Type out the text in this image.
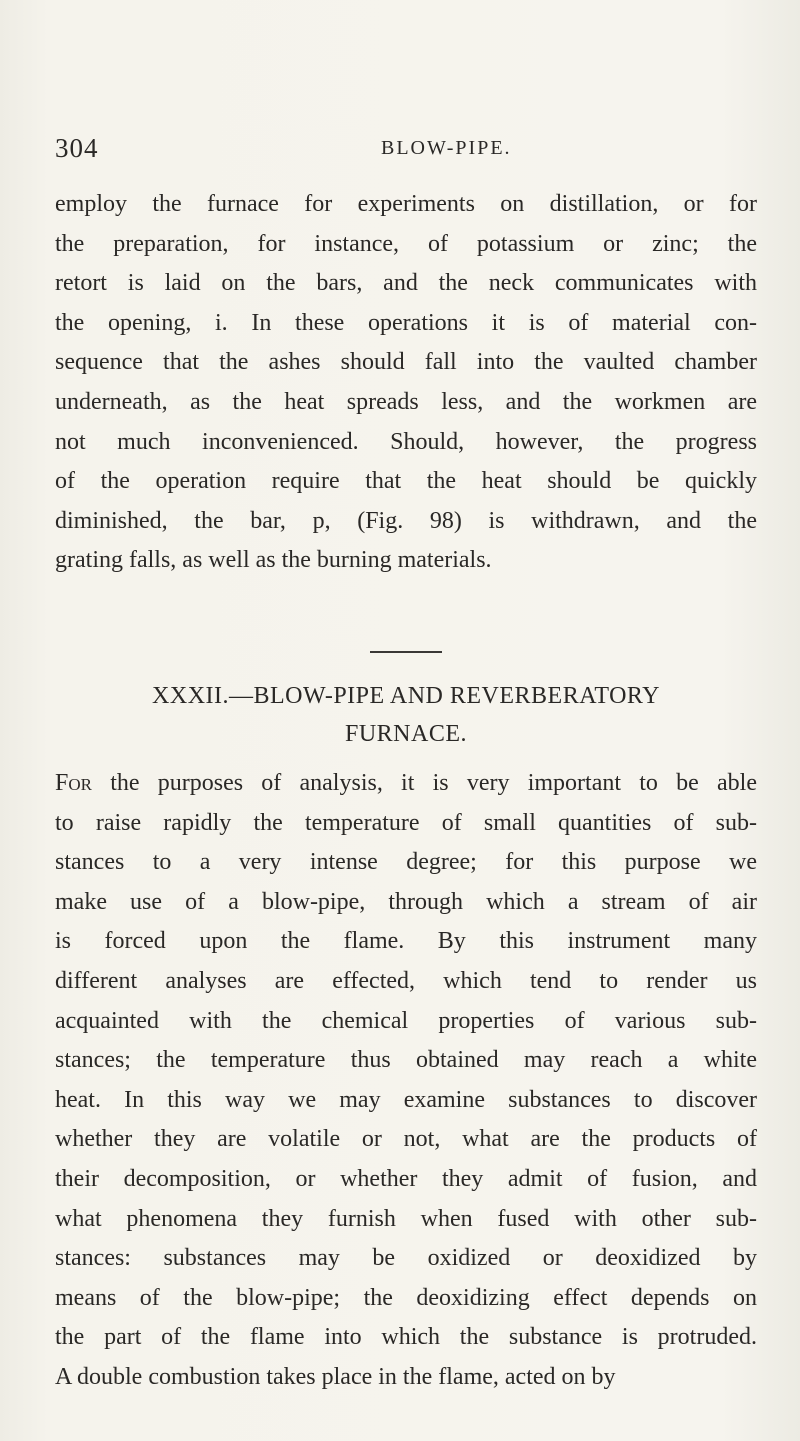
304	BLOW-PIPE.

employ the furnace for experiments on distillation, or for
the preparation, for instance, of potassium or zinc; the
retort is laid on the bars, and the neck communicates with
the opening, i. In these operations it is of material con-
sequence that the ashes should fall into the vaulted chamber
underneath, as the heat spreads less, and the workmen are
not much inconvenienced. Should, however, the progress
of the operation require that the heat should be quickly
diminished, the bar, p, (Fig. 98) is withdrawn, and the
grating falls, as well as the burning materials.

XXXII.—BLOW-PIPE AND REVERBERATORY
FURNACE.

For the purposes of analysis, it is very important to be able
to raise rapidly the temperature of small quantities of sub-
stances to a very intense degree; for this purpose we
make use of a blow-pipe, through which a stream of air
is forced upon the flame. By this instrument many
different analyses are effected, which tend to render us
acquainted with the chemical properties of various sub-
stances; the temperature thus obtained may reach a white
heat. In this way we may examine substances to discover
whether they are volatile or not, what are the products of
their decomposition, or whether they admit of fusion, and
what phenomena they furnish when fused with other sub-
stances: substances may be oxidized or deoxidized by
means of the blow-pipe; the deoxidizing effect depends on
the part of the flame into which the substance is protruded.
A double combustion takes place in the flame, acted on by
